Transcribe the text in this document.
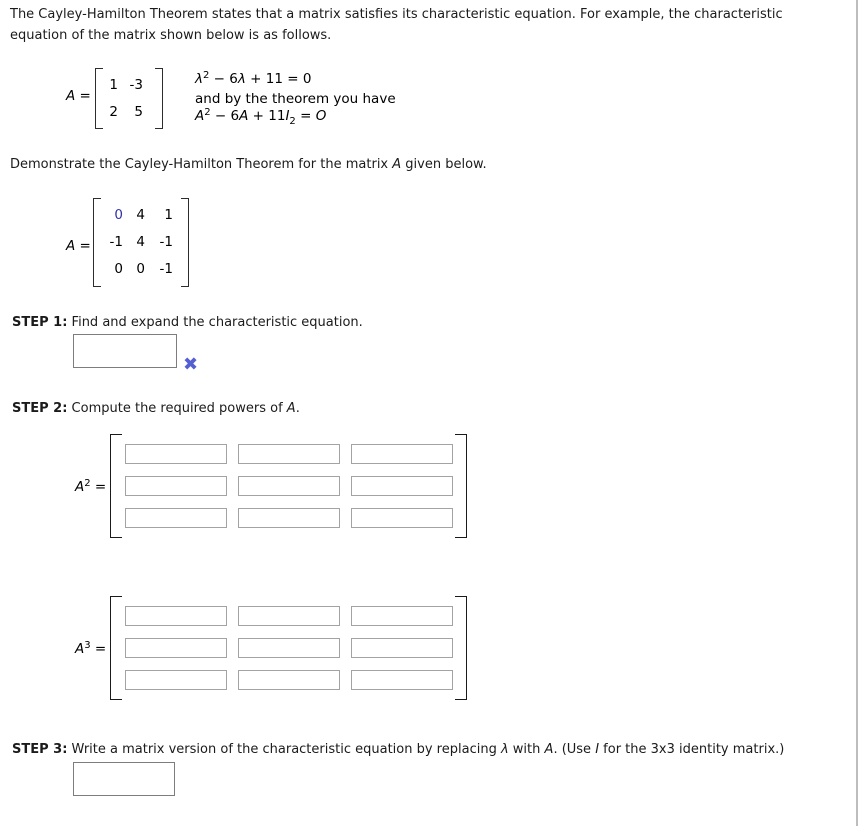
The Cayley-Hamilton Theorem states that a matrix satisfies its characteristic equation. For example, the characteristic
equation of the matrix shown below is as follows.
A =
1 -3
2	5
$\lambda^2 - 6\lambda + 11 = 0$
and by the theorem you have
$A^2 - 6A + 11I_2 = O$
Demonstrate the Cayley-Hamilton Theorem for the matrix A given below.
A =
0 4	1
-1 4	-1
0 0	-1
STEP 1: Find and expand the characteristic equation.
✖
STEP 2: Compute the required powers of A.
$A^2$ =
$A^3$ =
STEP 3: Write a matrix version of the characteristic equation by replacing λ with A. (Use I for the 3x3 identity matrix.)
